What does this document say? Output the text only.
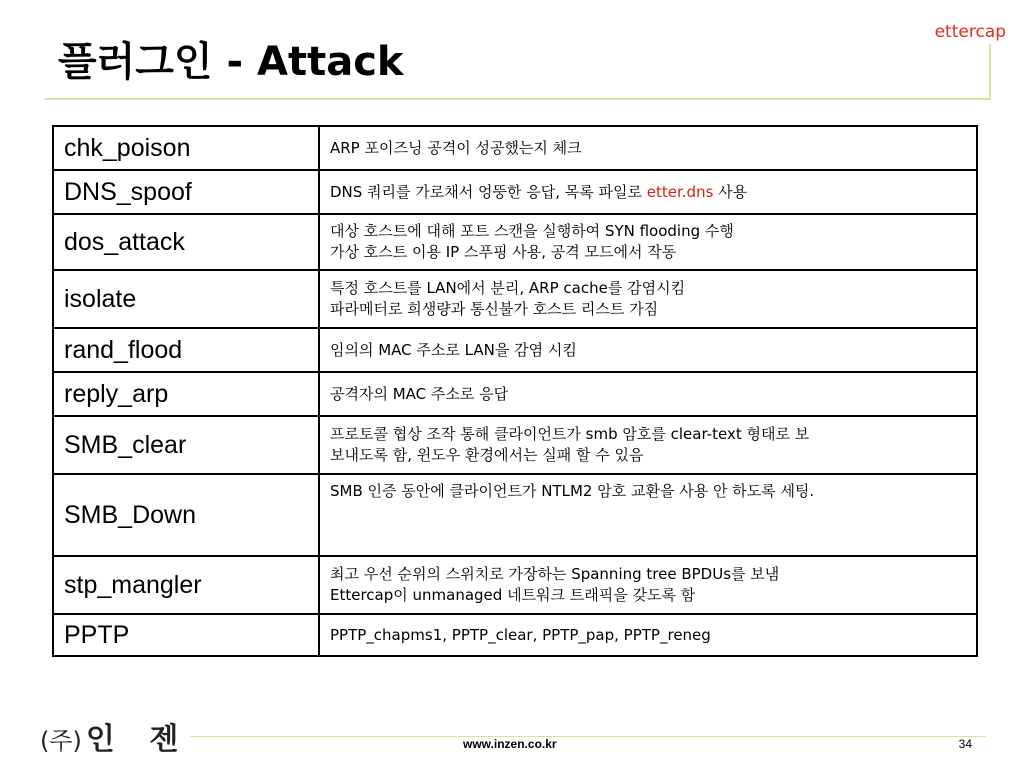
ettercap
플러그인 - Attack
chk_poison	ARP 포이즈닝 공격이 성공했는지 체크

DNS_spoof	DNS 쿼리를 가로채서 엉뚱한 응답, 목록 파일로 etter.dns 사용

dos_attack	대상 호스트에 대해 포트 스캔을 실행하여 SYN flooding 수행
가상 호스트 이용 IP 스푸핑 사용, 공격 모드에서 작동

isolate	특정 호스트를 LAN에서 분리, ARP cache를 감염시킴
파라메터로 희생량과 통신불가 호스트 리스트 가짐

rand_flood	임의의 MAC 주소로 LAN을 감염 시킴

reply_arp	공격자의 MAC 주소로 응답

SMB_clear	프로토콜 협상 조작 통해 클라이언트가 smb 암호를 clear-text 형태로 보
보내도록 함, 윈도우 환경에서는 실패 할 수 있음

SMB_Down	SMB 인증 동안에 클라이언트가 NTLM2 암호 교환을 사용 안 하도록 세팅.

stp_mangler	최고 우선 순위의 스위치로 가장하는 Spanning tree BPDUs를 보냄
Ettercap이 unmanaged 네트워크 트래픽을 갖도록 함

PPTP	PPTP_chapms1, PPTP_clear, PPTP_pap, PPTP_reneg
(주) 인 젠	www.inzen.co.kr	34
